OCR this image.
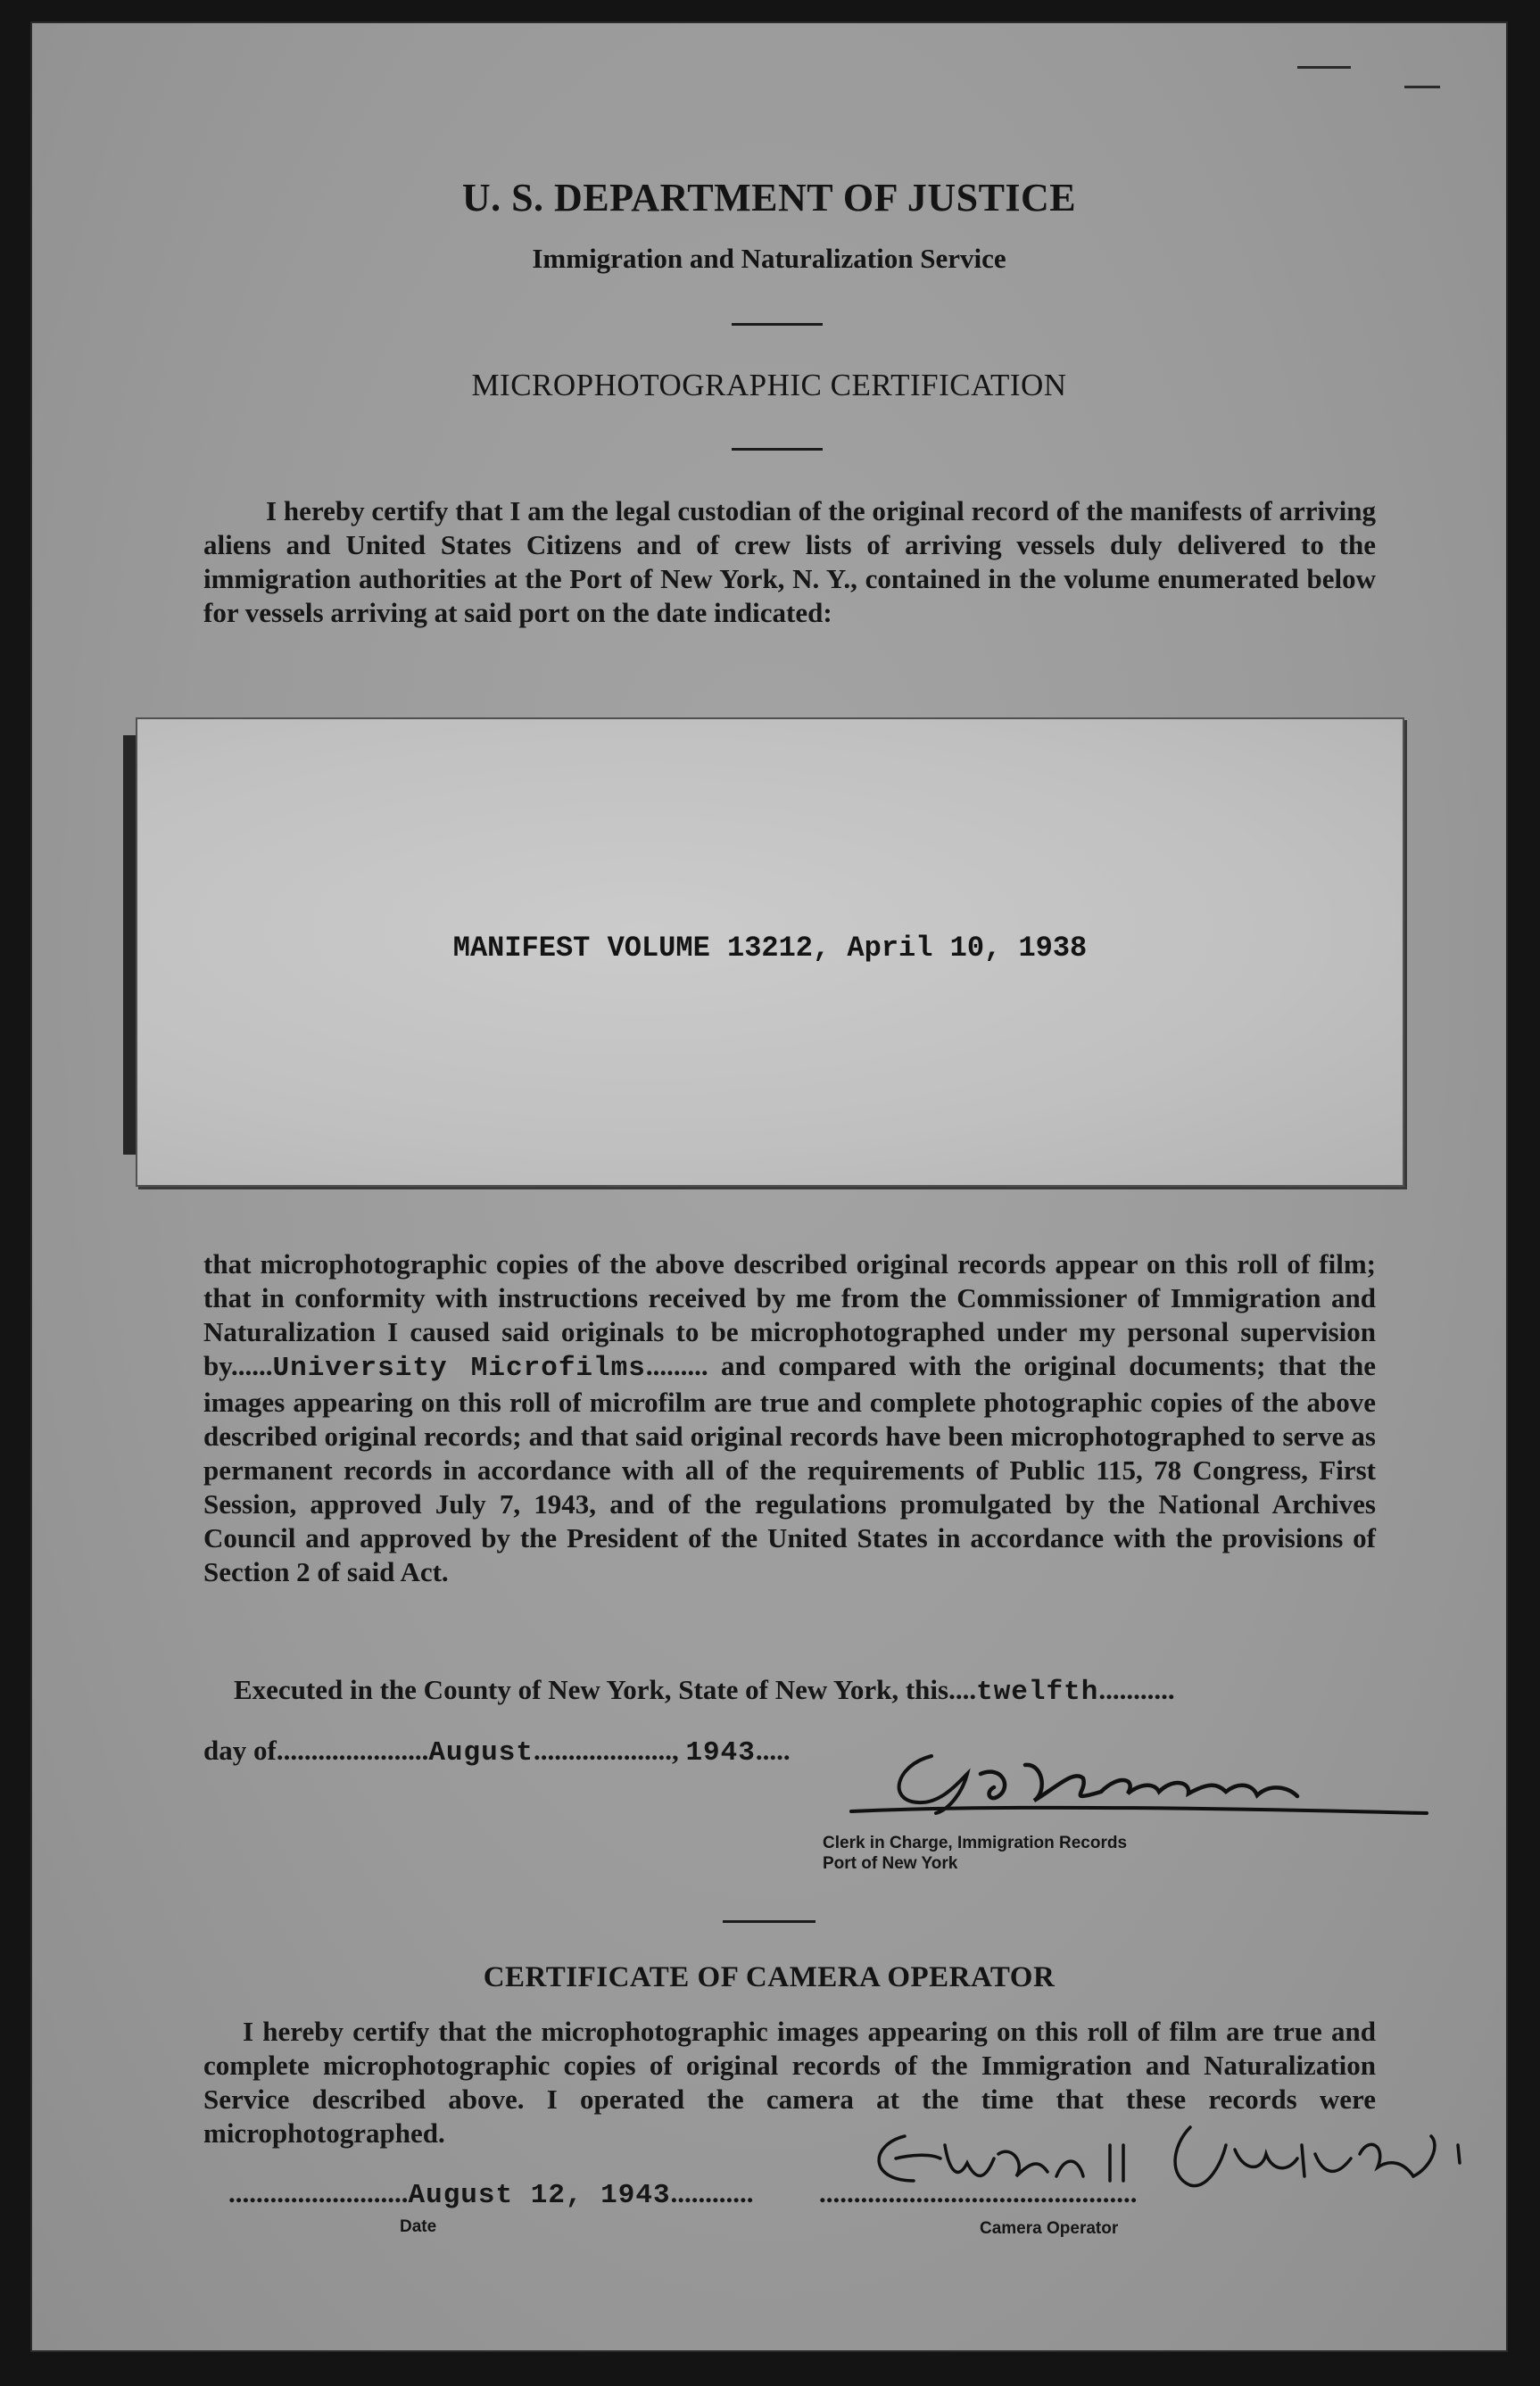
U. S. DEPARTMENT OF JUSTICE
Immigration and Naturalization Service
MICROPHOTOGRAPHIC CERTIFICATION
I hereby certify that I am the legal custodian of the original record of the manifests of arriving aliens and United States Citizens and of crew lists of arriving vessels duly delivered to the immigration authorities at the Port of New York, N. Y., contained in the volume enumerated below for vessels arriving at said port on the date indicated:
MANIFEST VOLUME 13212, April 10, 1938
that microphotographic copies of the above described original records appear on this roll of film; that in conformity with instructions received by me from the Commissioner of Immigration and Naturalization I caused said originals to be microphotographed under my personal supervision by......University Microfilms......... and compared with the original documents; that the images appearing on this roll of microfilm are true and complete photographic copies of the above described original records; and that said original records have been microphotographed to serve as permanent records in accordance with all of the requirements of Public 115, 78 Congress, First Session, approved July 7, 1943, and of the regulations promulgated by the National Archives Council and approved by the President of the United States in accordance with the provisions of Section 2 of said Act.
Executed in the County of New York, State of New York, this....twelfth...........
day of......................August...................., 1943.....
Clerk in Charge, Immigration Records
Port of New York
CERTIFICATE OF CAMERA OPERATOR
I hereby certify that the microphotographic images appearing on this roll of film are true and complete microphotographic copies of original records of the Immigration and Naturalization Service described above. I operated the camera at the time that these records were microphotographed.
..........................August 12, 1943............
Date
..............................................
Camera Operator
